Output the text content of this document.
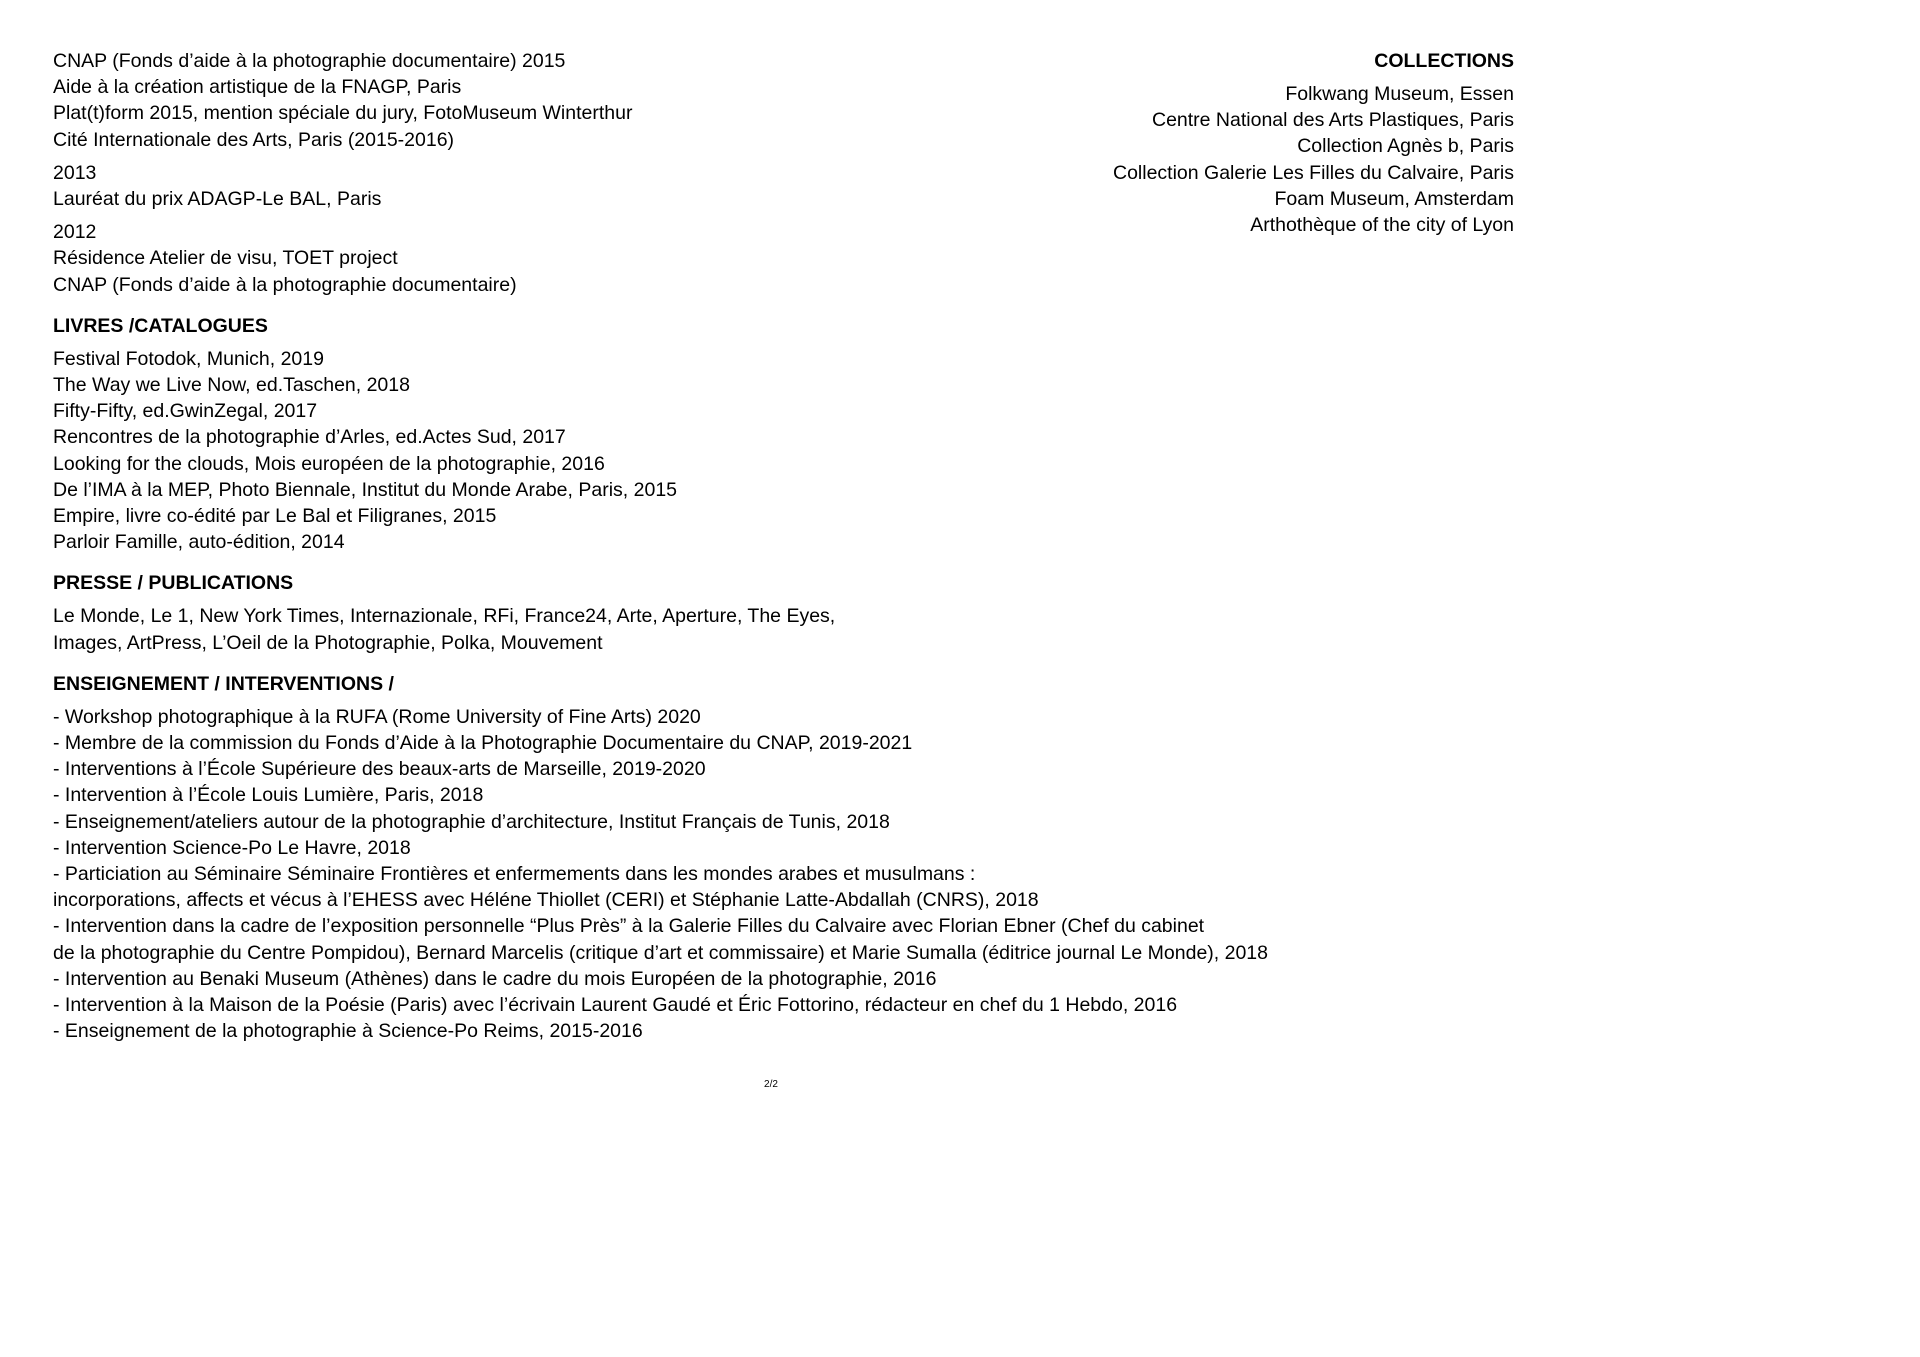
CNAP (Fonds d’aide à la photographie documentaire) 2015

Aide à la création artistique de la FNAGP, Paris

Plat(t)form 2015, mention spéciale du jury, FotoMuseum Winterthur

Cité Internationale des Arts, Paris (2015-2016)

2013

Lauréat du prix ADAGP-Le BAL, Paris

2012

Résidence Atelier de visu, TOET project

CNAP (Fonds d’aide à la photographie documentaire)

LIVRES /CATALOGUES

Festival Fotodok, Munich, 2019

The Way we Live Now, ed.Taschen, 2018

Fifty-Fifty, ed.GwinZegal, 2017

Rencontres de la photographie d’Arles, ed.Actes Sud, 2017

Looking for the clouds, Mois européen de la photographie, 2016

De l’IMA à la MEP, Photo Biennale, Institut du Monde Arabe, Paris, 2015

Empire, livre co-édité par Le Bal et Filigranes, 2015

Parloir Famille, auto-édition, 2014

PRESSE / PUBLICATIONS

Le Monde, Le 1, New York Times, Internazionale, RFi, France24, Arte, Aperture, The Eyes,

Images, ArtPress, L’Oeil de la Photographie, Polka, Mouvement

ENSEIGNEMENT / INTERVENTIONS /

- Workshop photographique à la RUFA (Rome University of Fine Arts) 2020

- Membre de la commission du Fonds d’Aide à la Photographie Documentaire du CNAP, 2019-2021

- Interventions à l’École Supérieure des beaux-arts de Marseille, 2019-2020

- Intervention à l’École Louis Lumière, Paris, 2018

- Enseignement/ateliers autour de la photographie d’architecture, Institut Français de Tunis, 2018

- Intervention Science-Po Le Havre, 2018

- Particiation au Séminaire Séminaire Frontières et enfermements dans les mondes arabes et musulmans :

incorporations, affects et vécus à l’EHESS avec Héléne Thiollet (CERI) et Stéphanie Latte-Abdallah (CNRS), 2018

- Intervention dans la cadre de l’exposition personnelle “Plus Près” à la Galerie Filles du Calvaire avec Florian Ebner (Chef du cabinet

de la photographie du Centre Pompidou), Bernard Marcelis (critique d’art et commissaire) et Marie Sumalla (éditrice journal Le Monde), 2018

- Intervention au Benaki Museum (Athènes) dans le cadre du mois Européen de la photographie, 2016

- Intervention à la Maison de la Poésie (Paris) avec l’écrivain Laurent Gaudé et Éric Fottorino, rédacteur en chef du 1 Hebdo, 2016

- Enseignement de la photographie à Science-Po Reims, 2015-2016

COLLECTIONS

Folkwang Museum, Essen

Centre National des Arts Plastiques, Paris

Collection Agnès b, Paris

Collection Galerie Les Filles du Calvaire, Paris

Foam Museum, Amsterdam

Arthothèque of the city of Lyon

2/2
